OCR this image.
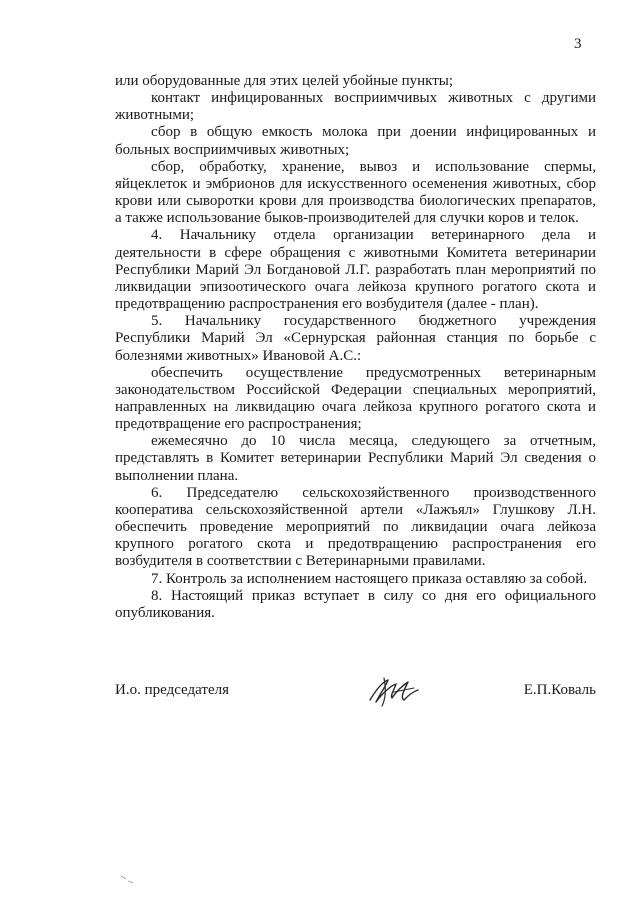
3

или оборудованные для этих целей убойные пункты;

контакт инфицированных восприимчивых животных с другими животными;

сбор в общую емкость молока при доении инфицированных и больных восприимчивых животных;

сбор, обработку, хранение, вывоз и использование спермы, яйцеклеток и эмбрионов для искусственного осеменения животных, сбор крови или сыворотки крови для производства биологических препаратов, а также использование быков-производителей для случки коров и телок.

4. Начальнику отдела организации ветеринарного дела и деятельности в сфере обращения с животными Комитета ветеринарии Республики Марий Эл Богдановой Л.Г. разработать план мероприятий по ликвидации эпизоотического очага лейкоза крупного рогатого скота и предотвращению распространения его возбудителя (далее - план).

5. Начальнику государственного бюджетного учреждения Республики Марий Эл «Сернурская районная станция по борьбе с болезнями животных» Ивановой А.С.:

обеспечить осуществление предусмотренных ветеринарным законодательством Российской Федерации специальных мероприятий, направленных на ликвидацию очага лейкоза крупного рогатого скота и предотвращение его распространения;

ежемесячно до 10 числа месяца, следующего за отчетным, представлять в Комитет ветеринарии Республики Марий Эл сведения о выполнении плана.

6. Председателю сельскохозяйственного производственного кооператива сельскохозяйственной артели «Лажъял» Глушкову Л.Н. обеспечить проведение мероприятий по ликвидации очага лейкоза крупного рогатого скота и предотвращению распространения его возбудителя в соответствии с Ветеринарными правилами.

7. Контроль за исполнением настоящего приказа оставляю за собой.

8. Настоящий приказ вступает в силу со дня его официального опубликования.

И.о. председателя	Е.П.Коваль
